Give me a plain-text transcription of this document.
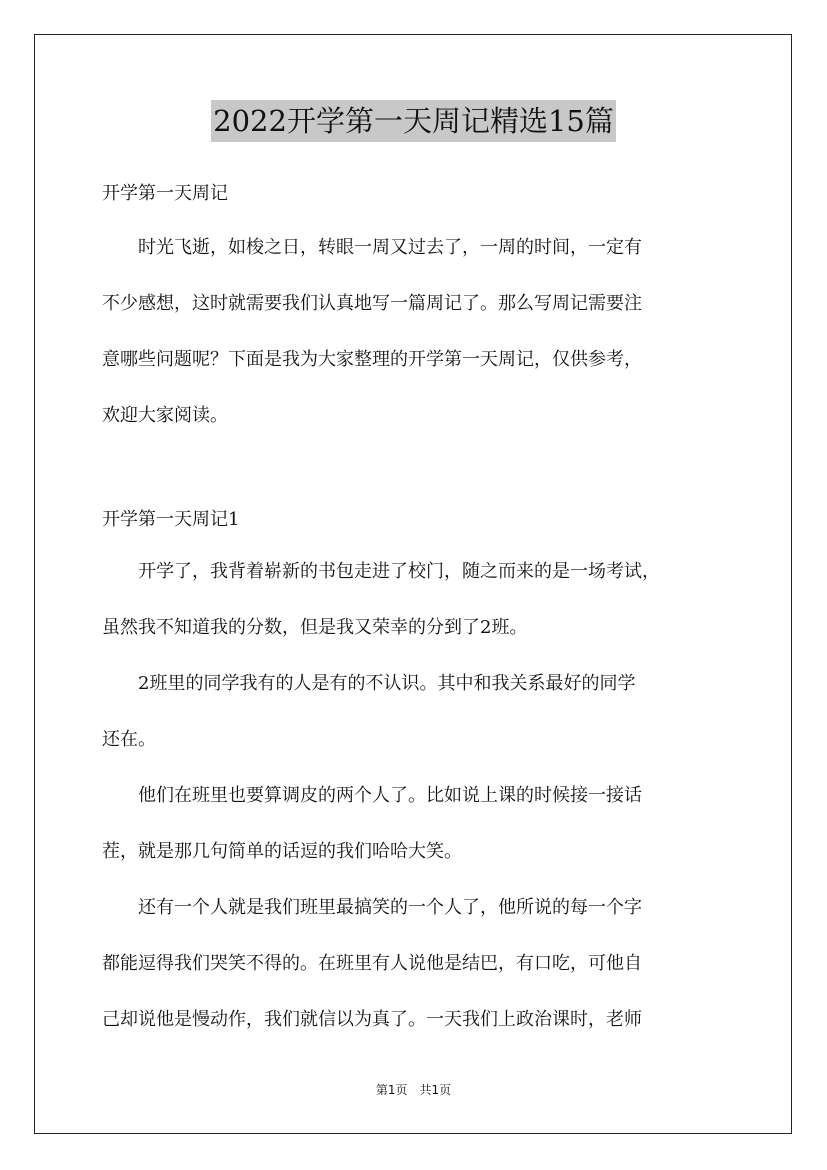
2022开学第一天周记精选15篇

开学第一天周记

　　时光飞逝，如梭之日，转眼一周又过去了，一周的时间，一定有
不少感想，这时就需要我们认真地写一篇周记了。那么写周记需要注
意哪些问题呢？下面是我为大家整理的开学第一天周记，仅供参考，
欢迎大家阅读。

开学第一天周记1

　　开学了，我背着崭新的书包走进了校门，随之而来的是一场考试，
虽然我不知道我的分数，但是我又荣幸的分到了2班。
　　2班里的同学我有的人是有的不认识。其中和我关系最好的同学
还在。
　　他们在班里也要算调皮的两个人了。比如说上课的时候接一接话
茬，就是那几句简单的话逗的我们哈哈大笑。
　　还有一个人就是我们班里最搞笑的一个人了，他所说的每一个字
都能逗得我们哭笑不得的。在班里有人说他是结巴，有口吃，可他自
己却说他是慢动作，我们就信以为真了。一天我们上政治课时，老师
第1页　共1页
